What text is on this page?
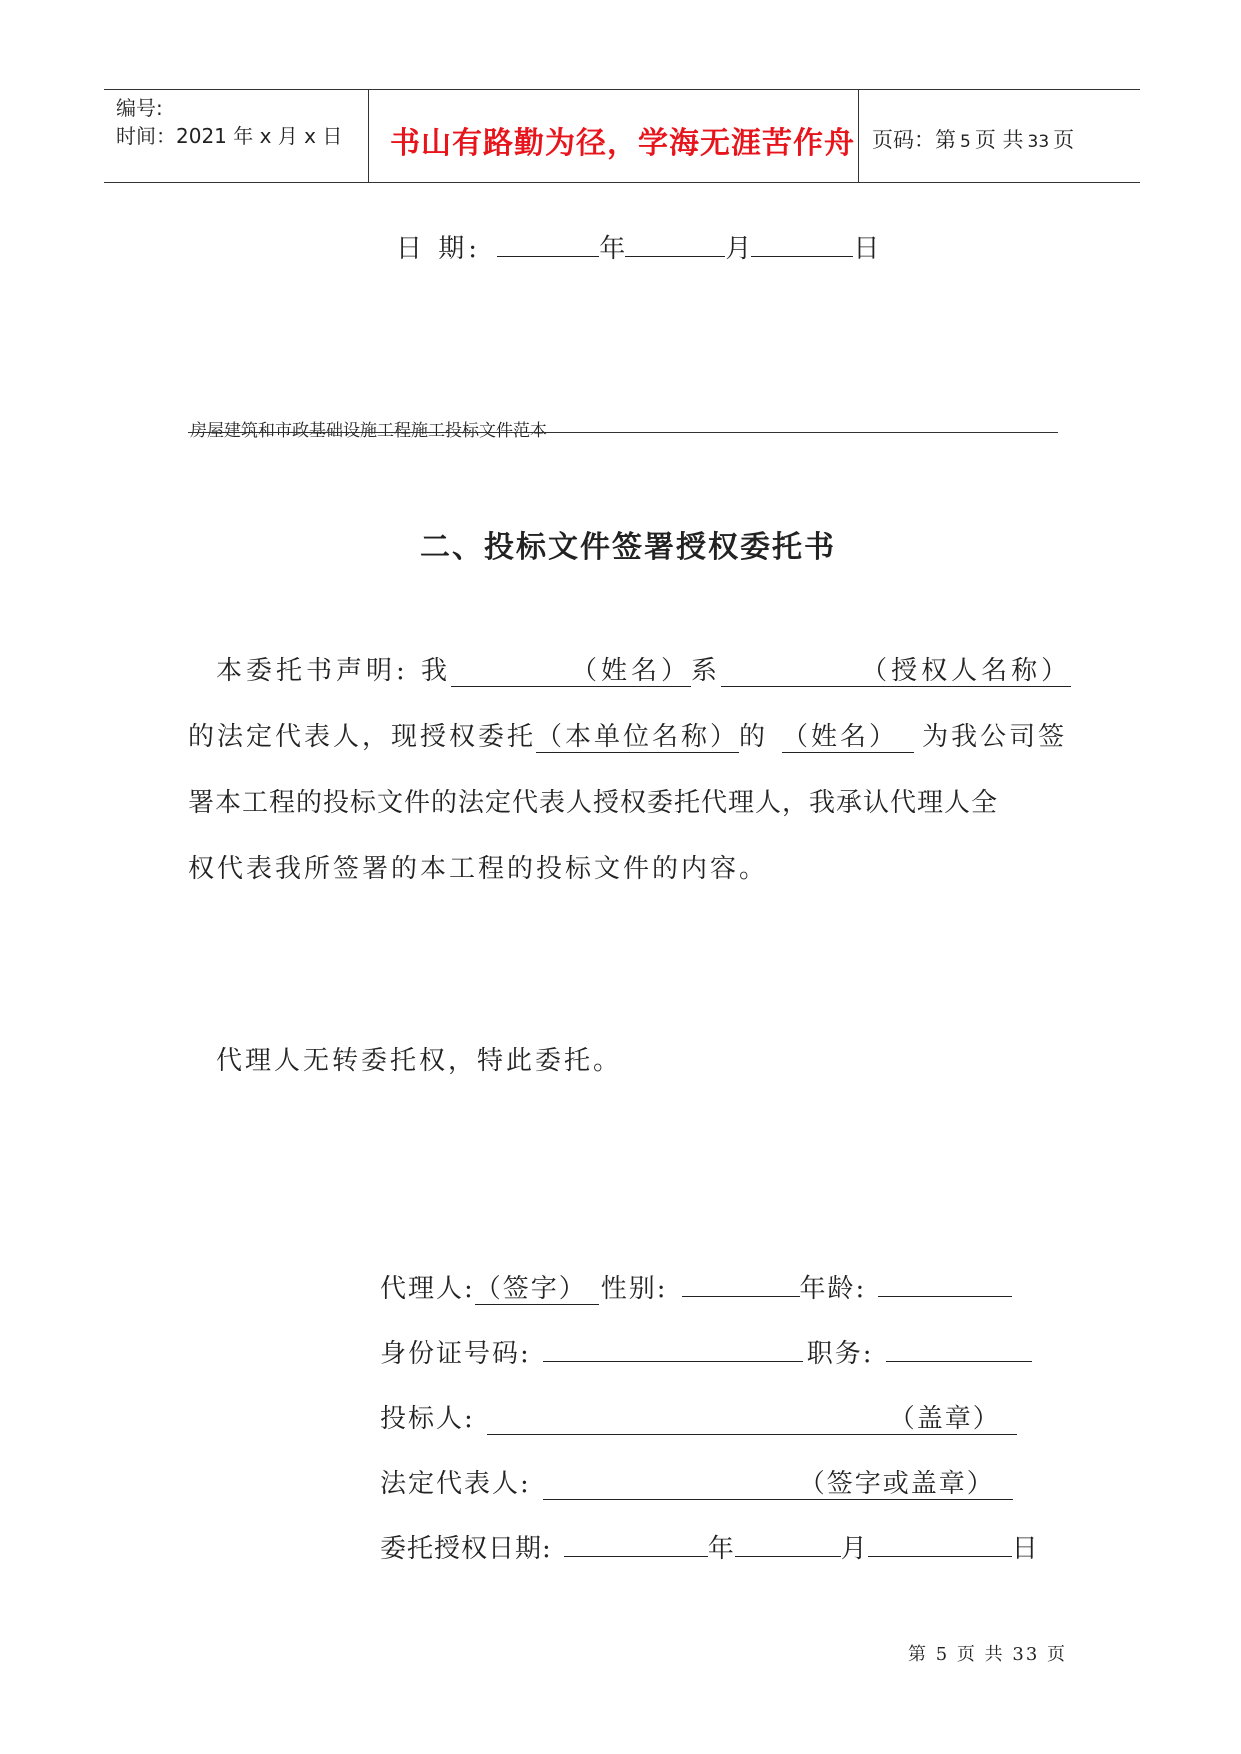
编号:
时间：2021 年 x 月 x 日 书山有路勤为径，学海无涯苦作舟 页码：第 5 页 共 33 页
日 期:	年	月	日
房屋建筑和市政基础设施工程施工投标文件范本
二、投标文件签署授权委托书
本委托书声明: 我	（姓名）系	（授权人名称）
的法定代表人，现授权委托（本单位名称）的 （姓名） 为我公司签
署本工程的投标文件的法定代表人授权委托代理人，我承认代理人全
权代表我所签署的本工程的投标文件的内容。
代理人无转委托权，特此委托。
代理人:（签字） 性别:	年龄:
身份证号码:	职务:
投标人:	（盖章）
法定代表人:	（签字或盖章）
委托授权日期:	年	月	日
第 5 页 共 33 页
